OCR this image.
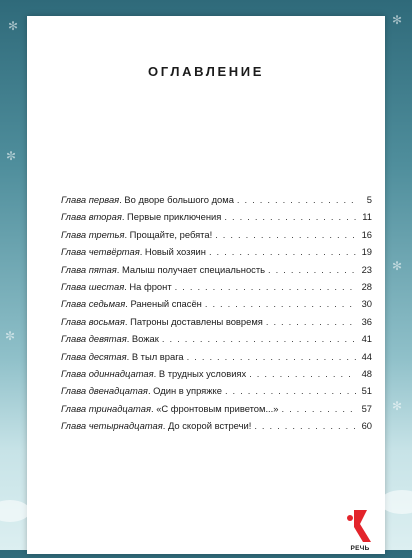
✻	✻
✼
✻
✼
✻
ОГЛАВЛЕНИЕ
Глава первая . Во дворе большого дома . . .	5
Глава вторая . Первые приключения . . .	11
Глава третья . Прощайте, ребята! . . .	16
Глава четвёртая . Новый хозяин . . .	19
Глава пятая . Малыш получает специальность . . .	23
Глава шестая . На фронт . . .	28
Глава седьмая . Раненый спасён . . .	30
Глава восьмая . Патроны доставлены вовремя . . .	36
Глава девятая . Вожак . . .	41
Глава десятая . В тыл врага . . .	44
Глава одиннадцатая . В трудных условиях . . .	48
Глава двенадцатая . Один в упряжке . . .	51
Глава тринадцатая . «С фронтовым приветом...» . . .	57
Глава четырнадцатая . До скорой встречи! . . .	60
РЕЧЬ
